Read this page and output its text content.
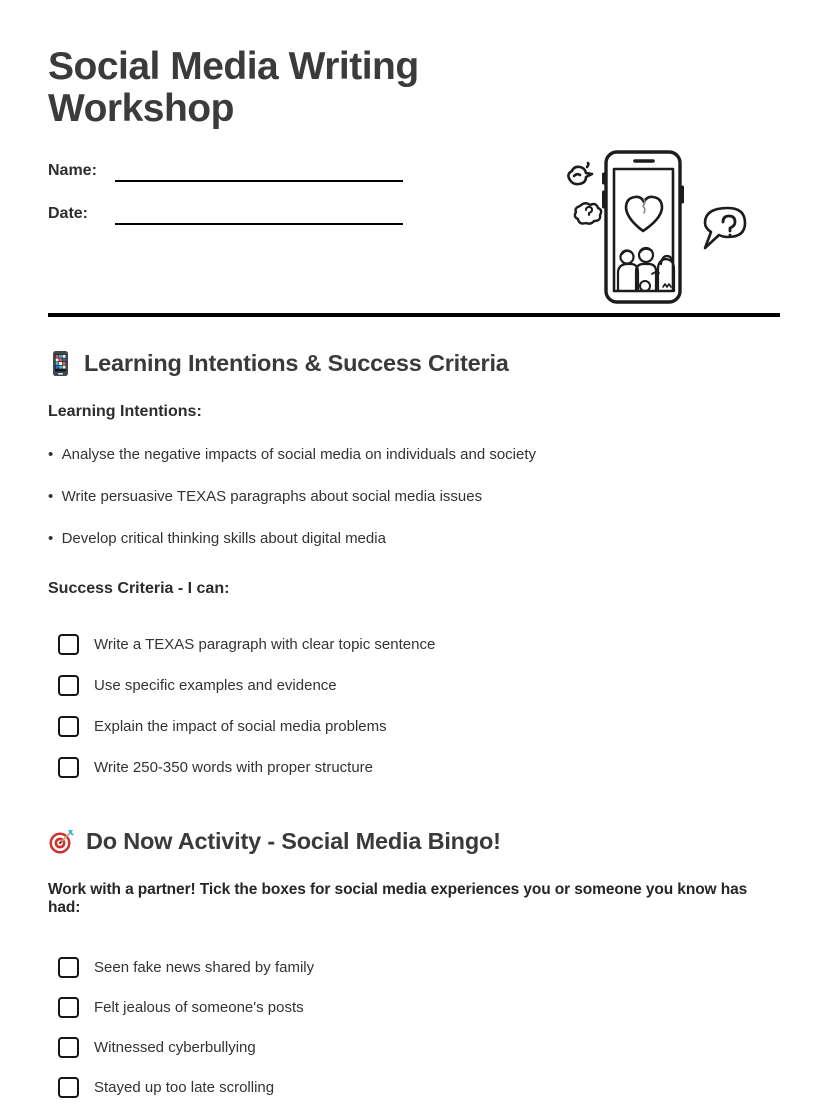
Social Media Writing Workshop
Name:
Date:
Learning Intentions & Success Criteria

Learning Intentions:

•  Analyse the negative impacts of social media on individuals and society

•  Write persuasive TEXAS paragraphs about social media issues

•  Develop critical thinking skills about digital media

Success Criteria - I can:

Write a TEXAS paragraph with clear topic sentence
Use specific examples and evidence
Explain the impact of social media problems
Write 250-350 words with proper structure
Do Now Activity - Social Media Bingo!

Work with a partner! Tick the boxes for social media experiences you or someone you know has had:

Seen fake news shared by family
Felt jealous of someone's posts
Witnessed cyberbullying
Stayed up too late scrolling
